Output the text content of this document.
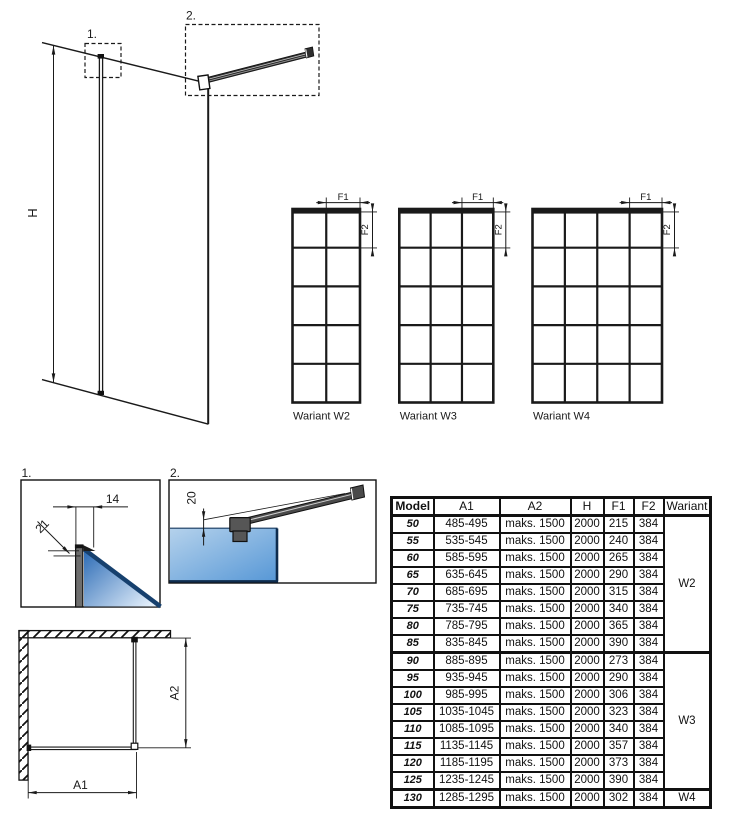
H
1.
2.
F1
F2
Wariant W2
F1
F2
Wariant W3
F1
F2
Wariant W4
1.
14
21
2.
20
A2
A1
Model	A1	A2	H	F1	F2	Wariant
50	485-495	maks. 1500	2000	215	384	W2
55	535-545	maks. 1500	2000	240	384	
60	585-595	maks. 1500	2000	265	384	
65	635-645	maks. 1500	2000	290	384	
70	685-695	maks. 1500	2000	315	384	
75	735-745	maks. 1500	2000	340	384	
80	785-795	maks. 1500	2000	365	384	
85	835-845	maks. 1500	2000	390	384	
90	885-895	maks. 1500	2000	273	384	W3
95	935-945	maks. 1500	2000	290	384	
100	985-995	maks. 1500	2000	306	384	
105	1035-1045	maks. 1500	2000	323	384	
110	1085-1095	maks. 1500	2000	340	384	
115	1135-1145	maks. 1500	2000	357	384	
120	1185-1195	maks. 1500	2000	373	384	
125	1235-1245	maks. 1500	2000	390	384	
130	1285-1295	maks. 1500	2000	302	384	W4
